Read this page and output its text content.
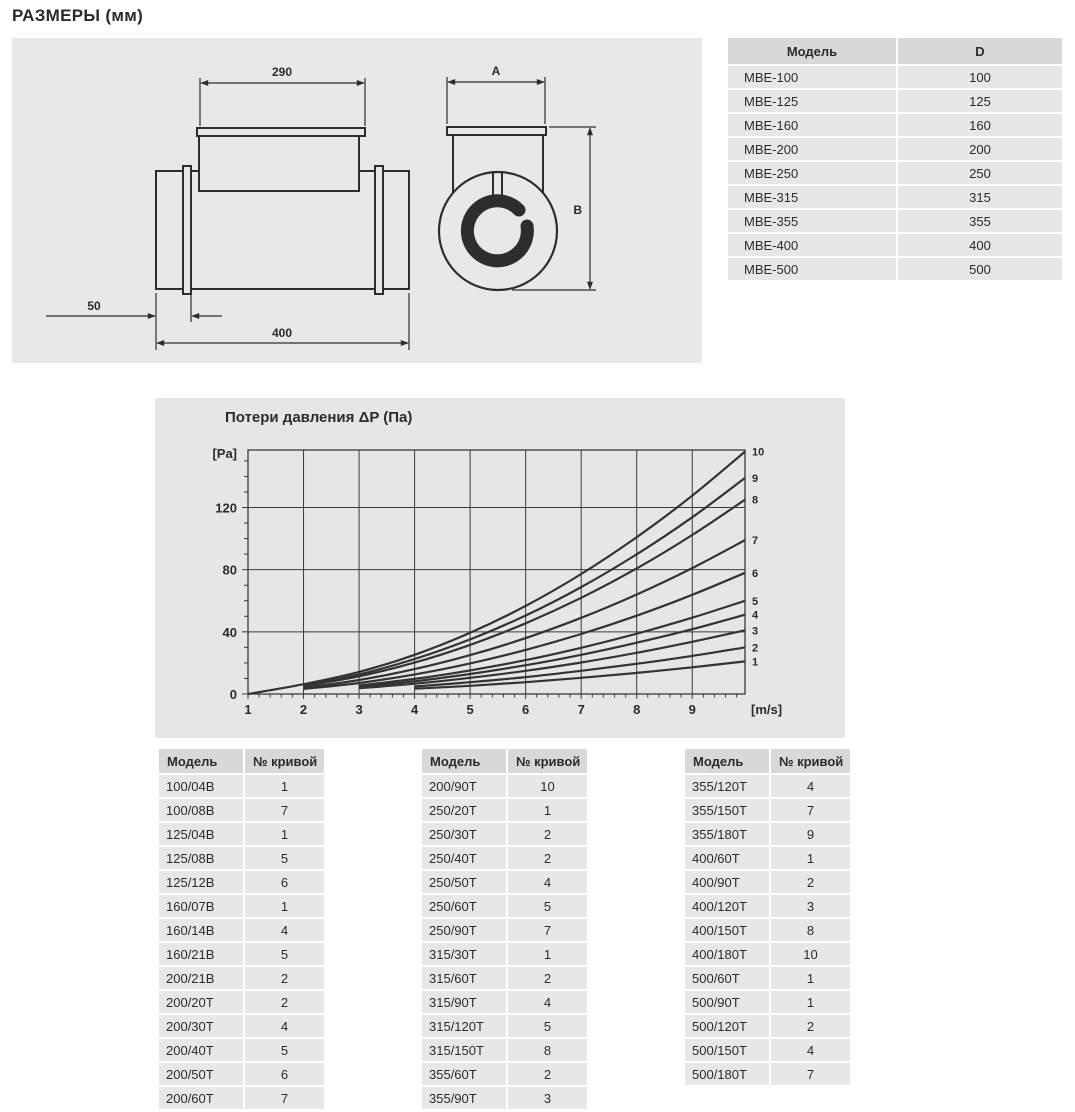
РАЗМЕРЫ (мм)
290
400
50
A
B
Модель	D
МВЕ-100	100
МВЕ-125	125
МВЕ-160	160
МВЕ-200	200
МВЕ-250	250
МВЕ-315	315
МВЕ-355	355
МВЕ-400	400
МВЕ-500	500
Потери давления ΔP (Па)
1	2	3	4	5	6	7	8	9	[m/s]
0
40
80
120
[Pa]
1
2
3
4
5
6
7
8
9
10
Модель	№ кривой
100/04B	1
100/08B	7
125/04B	1
125/08B	5
125/12B	6
160/07B	1
160/14B	4
160/21B	5
200/21B	2
200/20T	2
200/30T	4
200/40T	5
200/50T	6
200/60T	7
Модель	№ кривой
200/90T	10
250/20T	1
250/30T	2
250/40T	2
250/50T	4
250/60T	5
250/90T	7
315/30T	1
315/60T	2
315/90T	4
315/120T	5
315/150T	8
355/60T	2
355/90T	3
Модель	№ кривой
355/120T	4
355/150T	7
355/180T	9
400/60T	1
400/90T	2
400/120T	3
400/150T	8
400/180T	10
500/60T	1
500/90T	1
500/120T	2
500/150T	4
500/180T	7
